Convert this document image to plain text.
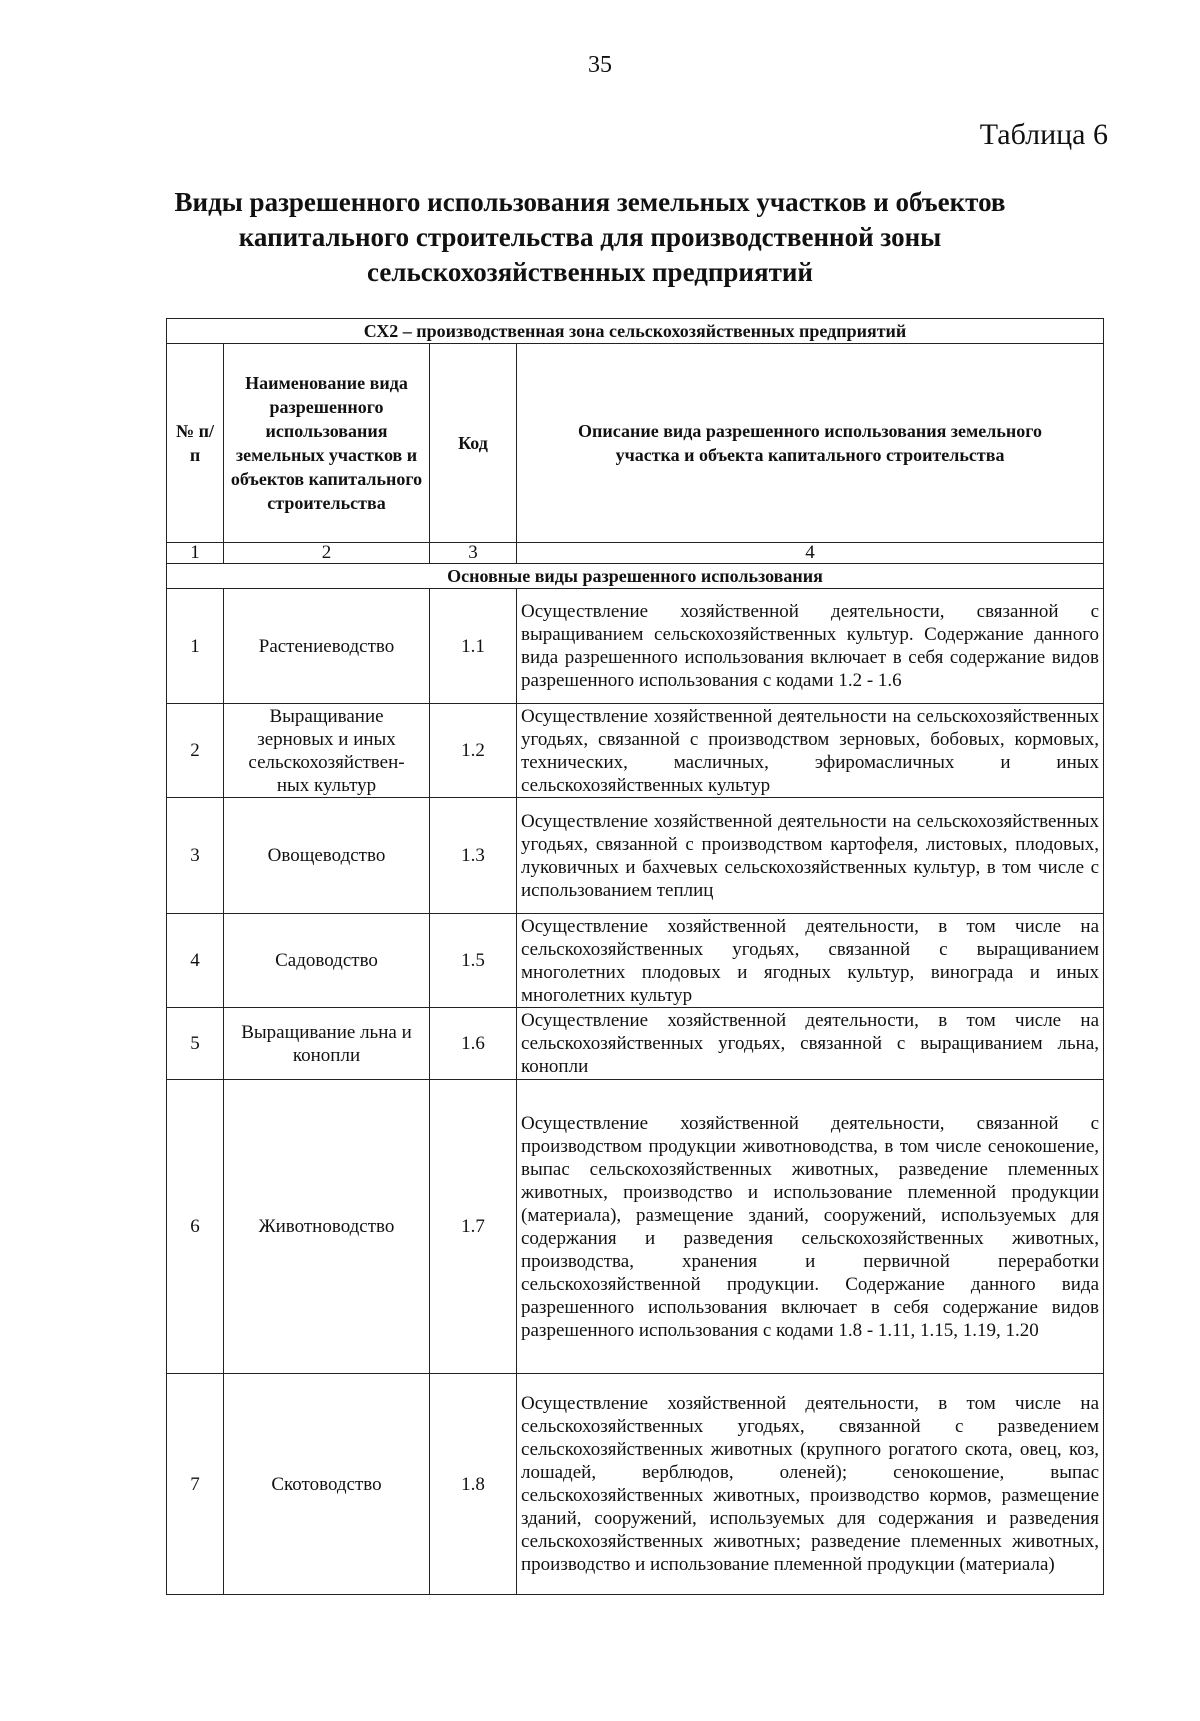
35
Таблица 6
Виды разрешенного использования земельных участков и объектов
капитального строительства для производственной зоны
сельскохозяйственных предприятий
СХ2 – производственная зона сельскохозяйственных предприятий			
№ п/п	Наименование вида разрешенного использования земельных участков и объектов капитального строительства	Код	Описание вида разрешенного использования земельного участка и объекта капитального строительства
1	2	3	4
Основные виды разрешенного использования			
1	Растениеводство	1.1	Осуществление хозяйственной деятельности, связанной с выращиванием сельскохозяйственных культур. Содержание данного вида разрешенного использования включает в себя содержание видов разрешенного использования с кодами 1.2 - 1.6
2	Выращивание зерновых и иных сельскохозяйствен-ных культур	1.2	Осуществление хозяйственной деятельности на сельскохозяйственных угодьях, связанной с производством зерновых, бобовых, кормовых, технических, масличных, эфиромасличных и иных сельскохозяйственных культур
3	Овощеводство	1.3	Осуществление хозяйственной деятельности на сельскохозяйственных угодьях, связанной с производством картофеля, листовых, плодовых, луковичных и бахчевых сельскохозяйственных культур, в том числе с использованием теплиц
4	Садоводство	1.5	Осуществление хозяйственной деятельности, в том числе на сельскохозяйственных угодьях, связанной с выращиванием многолетних плодовых и ягодных культур, винограда и иных многолетних культур
5	Выращивание льна и конопли	1.6	Осуществление хозяйственной деятельности, в том числе на сельскохозяйственных угодьях, связанной с выращиванием льна, конопли
6	Животноводство	1.7	Осуществление хозяйственной деятельности, связанной с производством продукции животноводства, в том числе сенокошение, выпас сельскохозяйственных животных, разведение племенных животных, производство и использование племенной продукции (материала), размещение зданий, сооружений, используемых для содержания и разведения сельскохозяйственных животных, производства, хранения и первичной переработки сельскохозяйственной продукции. Содержание данного вида разрешенного использования включает в себя содержание видов разрешенного использования с кодами 1.8 - 1.11, 1.15, 1.19, 1.20
7	Скотоводство	1.8	Осуществление хозяйственной деятельности, в том числе на сельскохозяйственных угодьях, связанной с разведением сельскохозяйственных животных (крупного рогатого скота, овец, коз, лошадей, верблюдов, оленей); сенокошение, выпас сельскохозяйственных животных, производство кормов, размещение зданий, сооружений, используемых для содержания и разведения сельскохозяйственных животных; разведение племенных животных, производство и использование племенной продукции (материала)
